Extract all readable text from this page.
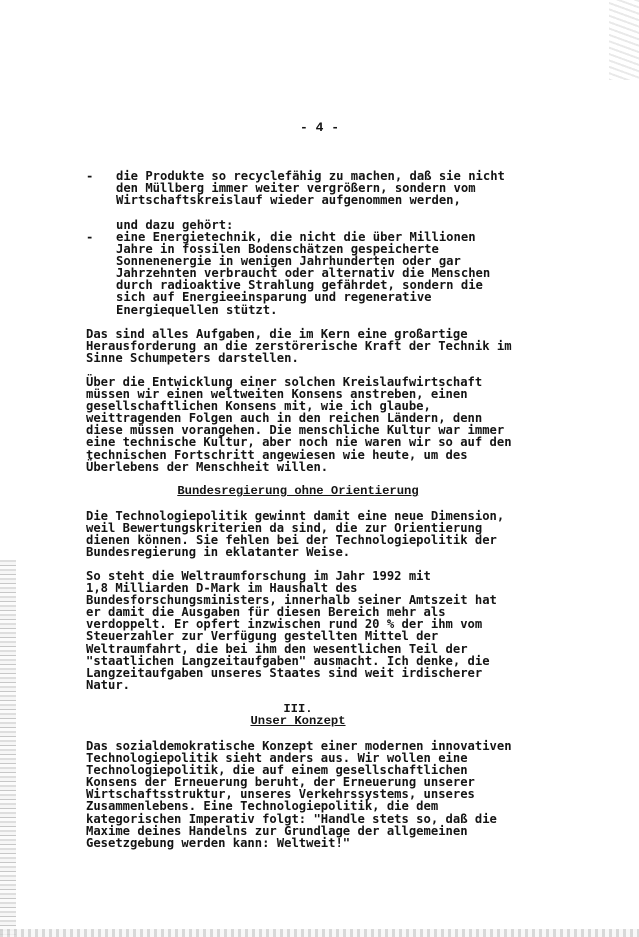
- 4 -
- die Produkte so recyclefähig zu machen, daß sie nicht
den Müllberg immer weiter vergrößern, sondern vom
Wirtschaftskreislauf wieder aufgenommen werden,
und dazu gehört:
- eine Energietechnik, die nicht die über Millionen
Jahre in fossilen Bodenschätzen gespeicherte
Sonnenenergie in wenigen Jahrhunderten oder gar
Jahrzehnten verbraucht oder alternativ die Menschen
durch radioaktive Strahlung gefährdet, sondern die
sich auf Energieeinsparung und regenerative
Energiequellen stützt.
Das sind alles Aufgaben, die im Kern eine großartige
Herausforderung an die zerstörerische Kraft der Technik im
Sinne Schumpeters darstellen.
Über die Entwicklung einer solchen Kreislaufwirtschaft
müssen wir einen weltweiten Konsens anstreben, einen
gesellschaftlichen Konsens mit, wie ich glaube,
weittragenden Folgen auch in den reichen Ländern, denn
diese müssen vorangehen. Die menschliche Kultur war immer
eine technische Kultur, aber noch nie waren wir so auf den
technischen Fortschritt angewiesen wie heute, um des
Überlebens der Menschheit willen.
Bundesregierung ohne Orientierung
Die Technologiepolitik gewinnt damit eine neue Dimension,
weil Bewertungskriterien da sind, die zur Orientierung
dienen können. Sie fehlen bei der Technologiepolitik der
Bundesregierung in eklatanter Weise.
So steht die Weltraumforschung im Jahr 1992 mit
1,8 Milliarden D-Mark im Haushalt des
Bundesforschungsministers, innerhalb seiner Amtszeit hat
er damit die Ausgaben für diesen Bereich mehr als
verdoppelt. Er opfert inzwischen rund 20 % der ihm vom
Steuerzahler zur Verfügung gestellten Mittel der
Weltraumfahrt, die bei ihm den wesentlichen Teil der
"staatlichen Langzeitaufgaben" ausmacht. Ich denke, die
Langzeitaufgaben unseres Staates sind weit irdischerer
Natur.
III.
Unser Konzept
Das sozialdemokratische Konzept einer modernen innovativen
Technologiepolitik sieht anders aus. Wir wollen eine
Technologiepolitik, die auf einem gesellschaftlichen
Konsens der Erneuerung beruht, der Erneuerung unserer
Wirtschaftsstruktur, unseres Verkehrssystems, unseres
Zusammenlebens. Eine Technologiepolitik, die dem
kategorischen Imperativ folgt: "Handle stets so, daß die
Maxime deines Handelns zur Grundlage der allgemeinen
Gesetzgebung werden kann: Weltweit!"
